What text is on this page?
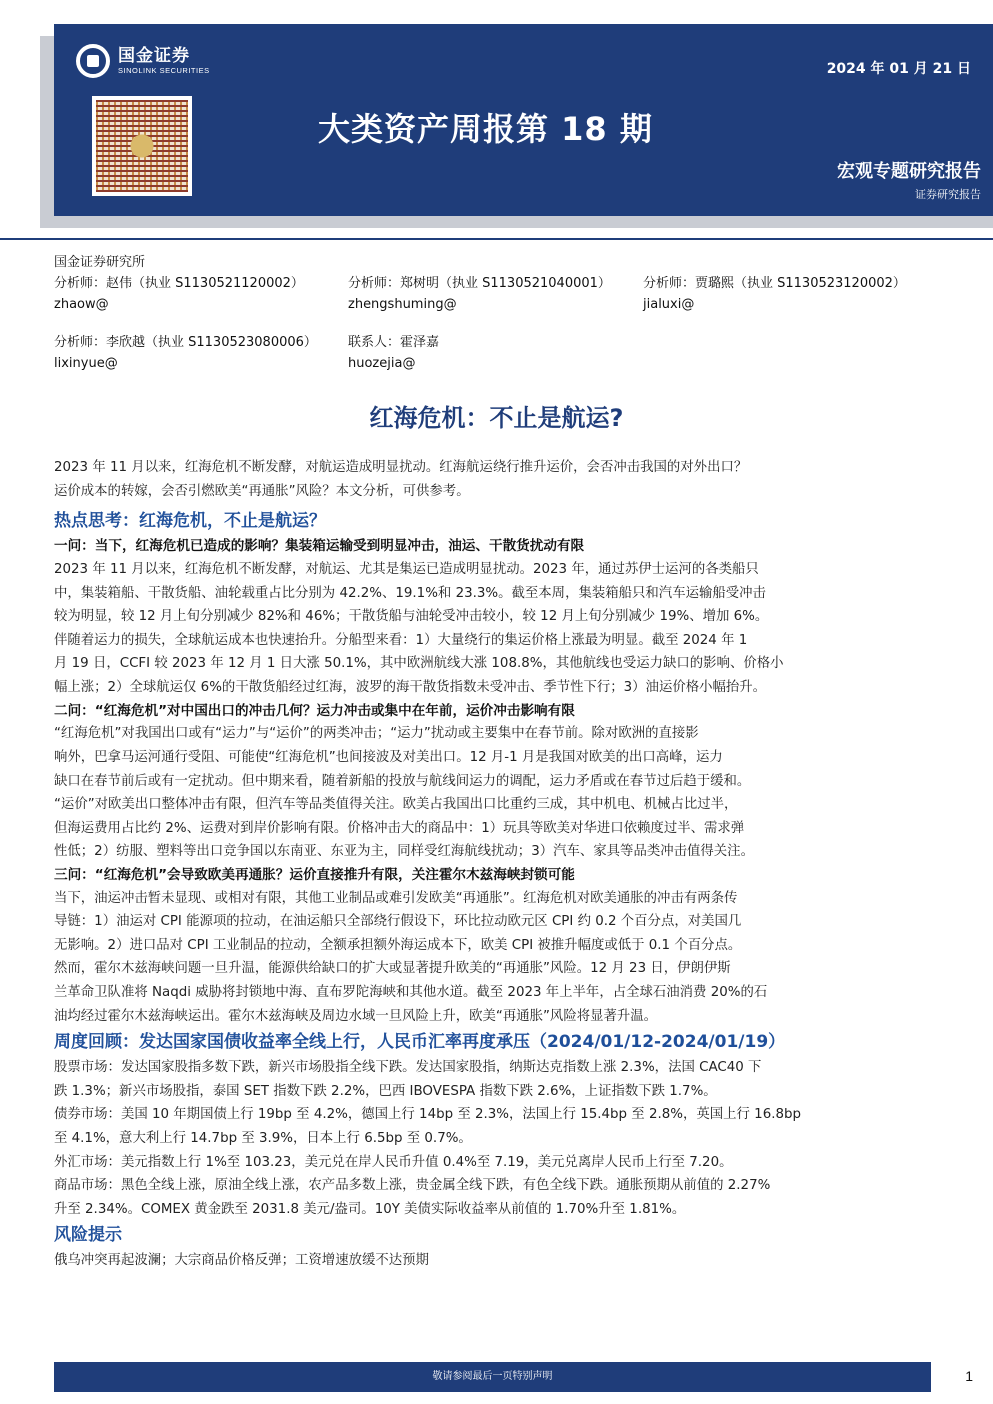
国金证券
SINOLINK SECURITIES	2024 年 01 月 21 日
大类资产周报第 18 期
宏观专题研究报告
证券研究报告
国金证券研究所
分析师：赵伟（执业 S1130521120002）
zhaow@
分析师：郑树明（执业 S1130521040001）
zhengshuming@
分析师：贾璐熙（执业 S1130523120002）
jialuxi@
分析师：李欣越（执业 S1130523080006）
lixinyue@
联系人：霍泽嘉
huozejia@
红海危机：不止是航运?
2023 年 11 月以来，红海危机不断发酵，对航运造成明显扰动。红海航运绕行推升运价，会否冲击我国的对外出口？
运价成本的转嫁，会否引燃欧美“再通胀”风险？本文分析，可供参考。
热点思考：红海危机，不止是航运？
一问：当下，红海危机已造成的影响？集装箱运输受到明显冲击，油运、干散货扰动有限
2023 年 11 月以来，红海危机不断发酵，对航运、尤其是集运已造成明显扰动。2023 年，通过苏伊士运河的各类船只
中，集装箱船、干散货船、油轮载重占比分别为 42.2%、19.1%和 23.3%。截至本周，集装箱船只和汽车运输船受冲击
较为明显，较 12 月上旬分别减少 82%和 46%；干散货船与油轮受冲击较小，较 12 月上旬分别减少 19%、增加 6%。
伴随着运力的损失，全球航运成本也快速抬升。分船型来看：1）大量绕行的集运价格上涨最为明显。截至 2024 年 1
月 19 日，CCFI 较 2023 年 12 月 1 日大涨 50.1%，其中欧洲航线大涨 108.8%，其他航线也受运力缺口的影响、价格小
幅上涨；2）全球航运仅 6%的干散货船经过红海，波罗的海干散货指数未受冲击、季节性下行；3）油运价格小幅抬升。
二问：“红海危机”对中国出口的冲击几何？运力冲击或集中在年前，运价冲击影响有限
“红海危机”对我国出口或有“运力”与“运价”的两类冲击；“运力”扰动或主要集中在春节前。除对欧洲的直接影
响外，巴拿马运河通行受阻、可能使“红海危机”也间接波及对美出口。12 月-1 月是我国对欧美的出口高峰，运力
缺口在春节前后或有一定扰动。但中期来看，随着新船的投放与航线间运力的调配，运力矛盾或在春节过后趋于缓和。
“运价”对欧美出口整体冲击有限，但汽车等品类值得关注。欧美占我国出口比重约三成，其中机电、机械占比过半，
但海运费用占比约 2%、运费对到岸价影响有限。价格冲击大的商品中：1）玩具等欧美对华进口依赖度过半、需求弹
性低；2）纺服、塑料等出口竞争国以东南亚、东亚为主，同样受红海航线扰动；3）汽车、家具等品类冲击值得关注。
三问：“红海危机”会导致欧美再通胀？运价直接推升有限，关注霍尔木兹海峡封锁可能
当下，油运冲击暂未显现、或相对有限，其他工业制品或难引发欧美“再通胀”。红海危机对欧美通胀的冲击有两条传
导链：1）油运对 CPI 能源项的拉动，在油运船只全部绕行假设下，环比拉动欧元区 CPI 约 0.2 个百分点，对美国几
无影响。2）进口品对 CPI 工业制品的拉动，全额承担额外海运成本下，欧美 CPI 被推升幅度或低于 0.1 个百分点。
然而，霍尔木兹海峡问题一旦升温，能源供给缺口的扩大或显著提升欧美的“再通胀”风险。12 月 23 日，伊朗伊斯
兰革命卫队准将 Naqdi 威胁将封锁地中海、直布罗陀海峡和其他水道。截至 2023 年上半年，占全球石油消费 20%的石
油均经过霍尔木兹海峡运出。霍尔木兹海峡及周边水域一旦风险上升，欧美“再通胀”风险将显著升温。
周度回顾：发达国家国债收益率全线上行，人民币汇率再度承压（2024/01/12-2024/01/19）
股票市场：发达国家股指多数下跌，新兴市场股指全线下跌。发达国家股指，纳斯达克指数上涨 2.3%，法国 CAC40 下
跌 1.3%；新兴市场股指，泰国 SET 指数下跌 2.2%，巴西 IBOVESPA 指数下跌 2.6%，上证指数下跌 1.7%。
债券市场：美国 10 年期国债上行 19bp 至 4.2%，德国上行 14bp 至 2.3%，法国上行 15.4bp 至 2.8%，英国上行 16.8bp
至 4.1%，意大利上行 14.7bp 至 3.9%，日本上行 6.5bp 至 0.7%。
外汇市场：美元指数上行 1%至 103.23，美元兑在岸人民币升值 0.4%至 7.19，美元兑离岸人民币上行至 7.20。
商品市场：黑色全线上涨，原油全线上涨，农产品多数上涨，贵金属全线下跌，有色全线下跌。通胀预期从前值的 2.27%
升至 2.34%。COMEX 黄金跌至 2031.8 美元/盎司。10Y 美债实际收益率从前值的 1.70%升至 1.81%。
风险提示
俄乌冲突再起波澜；大宗商品价格反弹；工资增速放缓不达预期
敬请参阅最后一页特别声明	1
